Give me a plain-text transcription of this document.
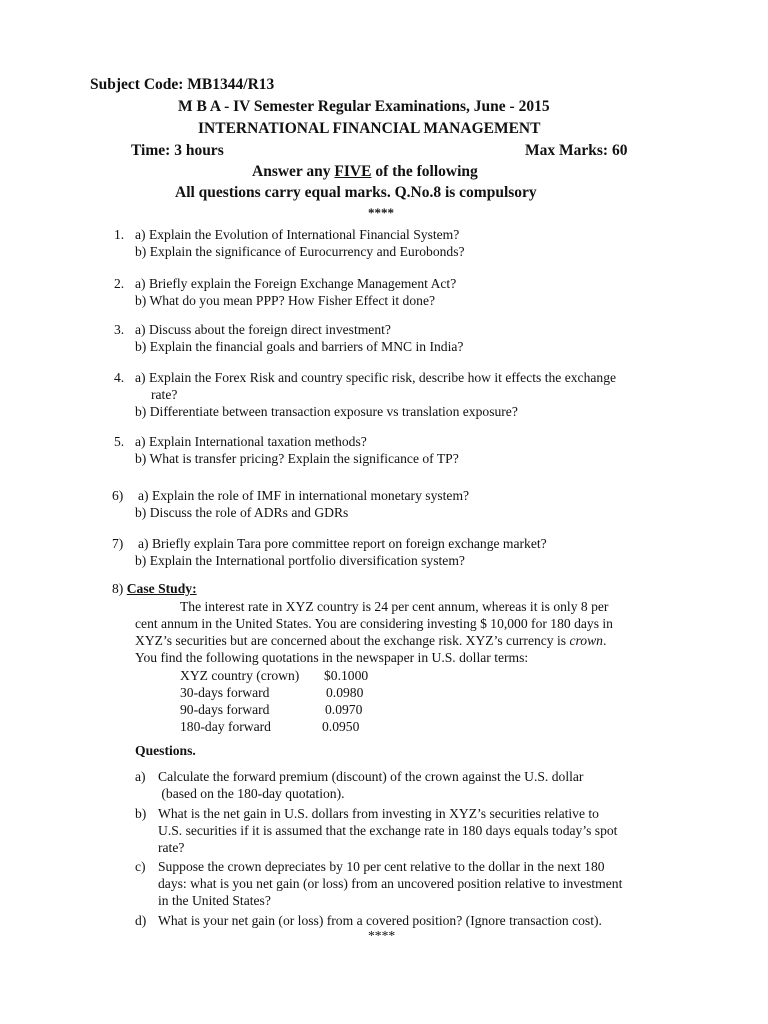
Subject Code: MB1344/R13
M B A - IV Semester Regular Examinations, June - 2015
INTERNATIONAL FINANCIAL MANAGEMENT
Time: 3 hours	Max Marks: 60
Answer any FIVE of the following
All questions carry equal marks. Q.No.8 is compulsory
****
1. a) Explain the Evolution of International Financial System?
b) Explain the significance of Eurocurrency and Eurobonds?
2. a) Briefly explain the Foreign Exchange Management Act?
b) What do you mean PPP? How Fisher Effect it done?
3. a) Discuss about the foreign direct investment?
b) Explain the financial goals and barriers of MNC in India?
4. a) Explain the Forex Risk and country specific risk, describe how it effects the exchange
rate?
b) Differentiate between transaction exposure vs translation exposure?
5. a) Explain International taxation methods?
b) What is transfer pricing? Explain the significance of TP?
6) a) Explain the role of IMF in international monetary system?
b) Discuss the role of ADRs and GDRs
7) a) Briefly explain Tara pore committee report on foreign exchange market?
b) Explain the International portfolio diversification system?
8) Case Study:
The interest rate in XYZ country is 24 per cent annum, whereas it is only 8 per
cent annum in the United States. You are considering investing $ 10,000 for 180 days in
XYZ’s securities but are concerned about the exchange risk. XYZ’s currency is crown.
You find the following quotations in the newspaper in U.S. dollar terms:
XYZ country (crown) $0.1000
30-days forward	0.0980
90-days forward	0.0970
180-day forward	0.0950
Questions.
a) Calculate the forward premium (discount) of the crown against the U.S. dollar
(based on the 180-day quotation).
b) What is the net gain in U.S. dollars from investing in XYZ’s securities relative to
U.S. securities if it is assumed that the exchange rate in 180 days equals today’s spot
rate?
c) Suppose the crown depreciates by 10 per cent relative to the dollar in the next 180
days: what is you net gain (or loss) from an uncovered position relative to investment
in the United States?
d) What is your net gain (or loss) from a covered position? (Ignore transaction cost).
****
